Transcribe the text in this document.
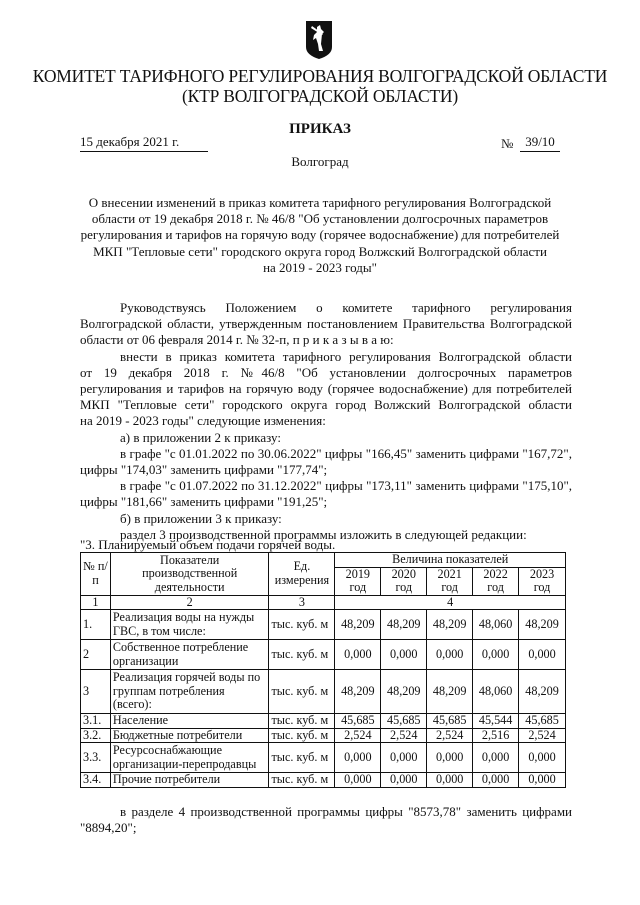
КОМИТЕТ ТАРИФНОГО РЕГУЛИРОВАНИЯ ВОЛГОГРАДСКОЙ ОБЛАСТИ
(КТР ВОЛГОГРАДСКОЙ ОБЛАСТИ)
ПРИКАЗ
15 декабря 2021 г.	№ 39/10
Волгоград
О внесении изменений в приказ комитета тарифного регулирования Волгоградской
области от 19 декабря 2018 г. № 46/8 "Об установлении долгосрочных параметров
регулирования и тарифов на горячую воду (горячее водоснабжение) для потребителей
МКП "Тепловые сети" городского округа город Волжский Волгоградской области
на 2019 - 2023 годы"
Руководствуясь Положением о комитете тарифного регулирования
Волгоградской области, утвержденным постановлением Правительства Волгоградской
области от 06 февраля 2014 г. № 32-п, п р и к а з ы в а ю:
внести в приказ комитета тарифного регулирования Волгоградской области
от 19 декабря 2018 г. №46/8 "Об установлении долгосрочных параметров
регулирования и тарифов на горячую воду (горячее водоснабжение) для потребителей
МКП "Тепловые сети" городского округа город Волжский Волгоградской области
на 2019 - 2023 годы" следующие изменения:
а) в приложении 2 к приказу:
в графе "с 01.01.2022 по 30.06.2022" цифры "166,45" заменить цифрами "167,72",
цифры "174,03" заменить цифрами "177,74";
в графе "с 01.07.2022 по 31.12.2022" цифры "173,11" заменить цифрами "175,10",
цифры "181,66" заменить цифрами "191,25";
б) в приложении 3 к приказу:
раздел 3 производственной программы изложить в следующей редакции:
"3. Планируемый объем подачи горячей воды.
№ п/п	Показатели производственной деятельности	Ед. измерения	Величина показателей				
			2019 год	2020 год	2021 год	2022 год	2023 год
1	2	3	4				
1.	Реализация воды на нужды ГВС, в том числе:	тыс. куб. м	48,209	48,209	48,209	48,060	48,209
2	Собственное потребление организации	тыс. куб. м	0,000	0,000	0,000	0,000	0,000
3	Реализация горячей воды по группам потребления (всего):	тыс. куб. м	48,209	48,209	48,209	48,060	48,209
3.1.	Население	тыс. куб. м	45,685	45,685	45,685	45,544	45,685
3.2.	Бюджетные потребители	тыс. куб. м	2,524	2,524	2,524	2,516	2,524
3.3.	Ресурсоснабжающие организации-перепродавцы	тыс. куб. м	0,000	0,000	0,000	0,000	0,000
3.4.	Прочие потребители	тыс. куб. м	0,000	0,000	0,000	0,000	0,000
в разделе 4 производственной программы цифры "8573,78" заменить цифрами
"8894,20";
